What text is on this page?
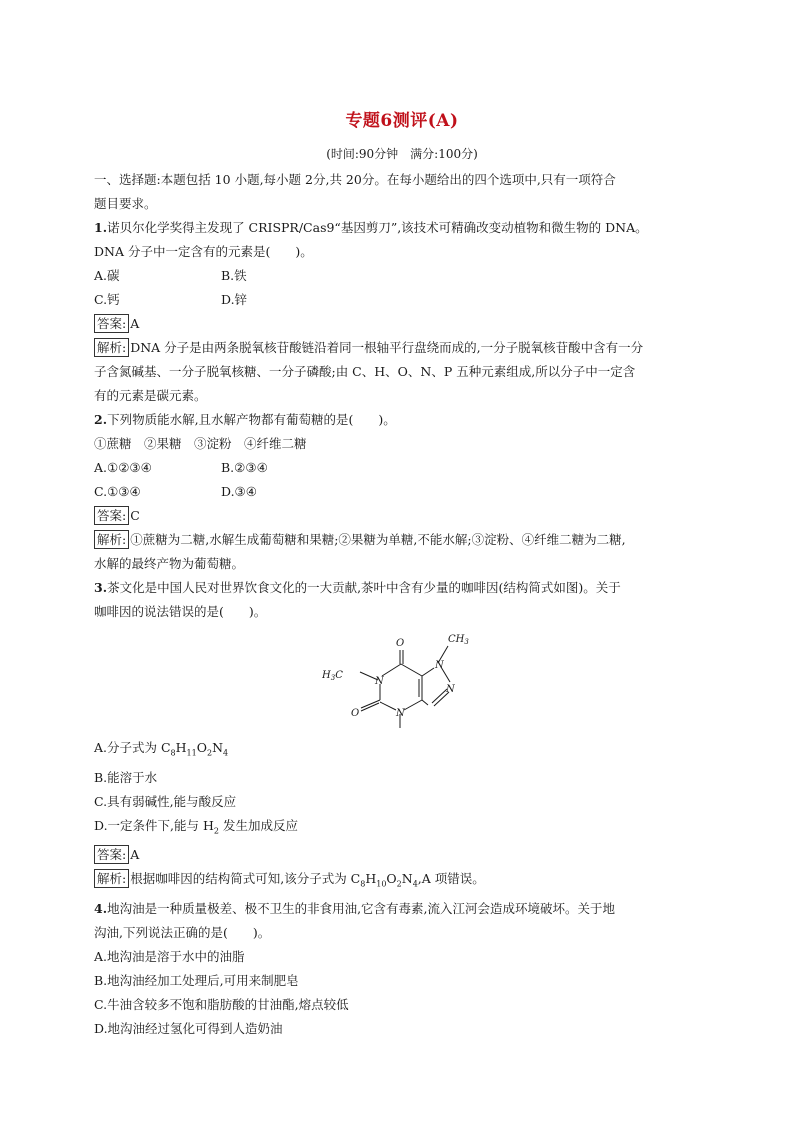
专题6测评(A)
(时间:90分钟　满分:100分)

一、选择题:本题包括 10 小题,每小题 2分,共 20分。在每小题给出的四个选项中,只有一项符合

题目要求。

1.诺贝尔化学奖得主发现了 CRISPR/Cas9“基因剪刀”,该技术可精确改变动植物和微生物的 DNA。

DNA 分子中一定含有的元素是(　　)。

A.碳	B.铁
C.钙	D.锌

答案: A

解析: DNA 分子是由两条脱氧核苷酸链沿着同一根轴平行盘绕而成的,一分子脱氧核苷酸中含有一分

子含氮碱基、一分子脱氧核糖、一分子磷酸;由 C、H、O、N、P 五种元素组成,所以分子中一定含

有的元素是碳元素。

2.下列物质能水解,且水解产物都有葡萄糖的是(　　)。

①蔗糖　②果糖　③淀粉　④纤维二糖

A.①②③④	B.②③④
C.①③④	D.③④

答案: C

解析: ①蔗糖为二糖,水解生成葡萄糖和果糖;②果糖为单糖,不能水解;③淀粉、④纤维二糖为二糖,

水解的最终产物为葡萄糖。

3.茶文化是中国人民对世界饮食文化的一大贡献,茶叶中含有少量的咖啡因(结构简式如图)。关于

咖啡因的说法错误的是(　　)。

O	$CH_3$
$H_3C$
N
N
N
O	N

A.分子式为 $C_8H_{11}O_2N_4$

B.能溶于水

C.具有弱碱性,能与酸反应

D.一定条件下,能与 $H_2$ 发生加成反应

答案: A

解析: 根据咖啡因的结构简式可知,该分子式为 $C_8H_{10}O_2N_4,A$ 项错误。

4.地沟油是一种质量极差、极不卫生的非食用油,它含有毒素,流入江河会造成环境破坏。关于地

沟油,下列说法正确的是(　　)。

A.地沟油是溶于水中的油脂

B.地沟油经加工处理后,可用来制肥皂

C.牛油含较多不饱和脂肪酸的甘油酯,熔点较低

D.地沟油经过氢化可得到人造奶油
